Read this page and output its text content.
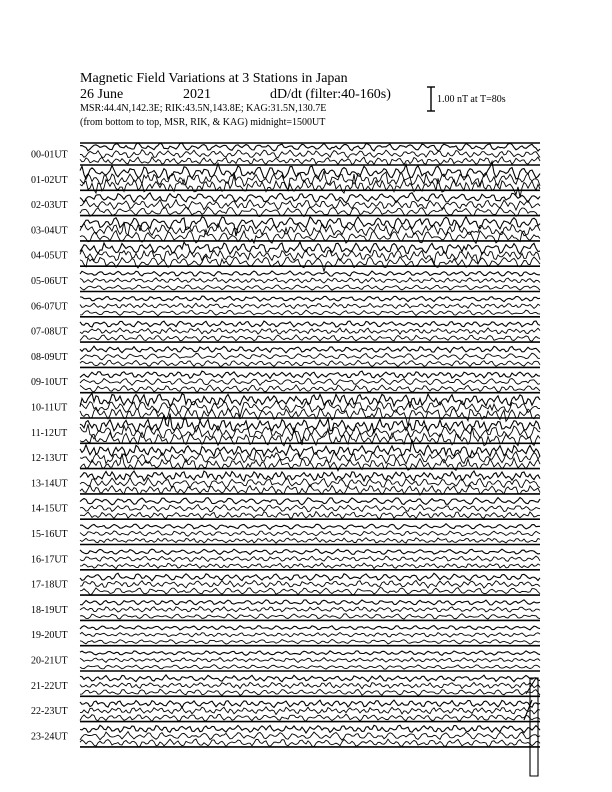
Magnetic Field Variations at 3 Stations in Japan
26 June	2021	dD/dt (filter:40-160s)
MSR:44.4N,142.3E; RIK:43.5N,143.8E; KAG:31.5N,130.7E
(from bottom to top, MSR, RIK, & KAG) midnight=1500UT
1.00 nT at T=80s
00-01UT
01-02UT
02-03UT
03-04UT
04-05UT
05-06UT
06-07UT
07-08UT
08-09UT
09-10UT
10-11UT
11-12UT
12-13UT
13-14UT
14-15UT
15-16UT
16-17UT
17-18UT
18-19UT
19-20UT
20-21UT
21-22UT
22-23UT
23-24UT
